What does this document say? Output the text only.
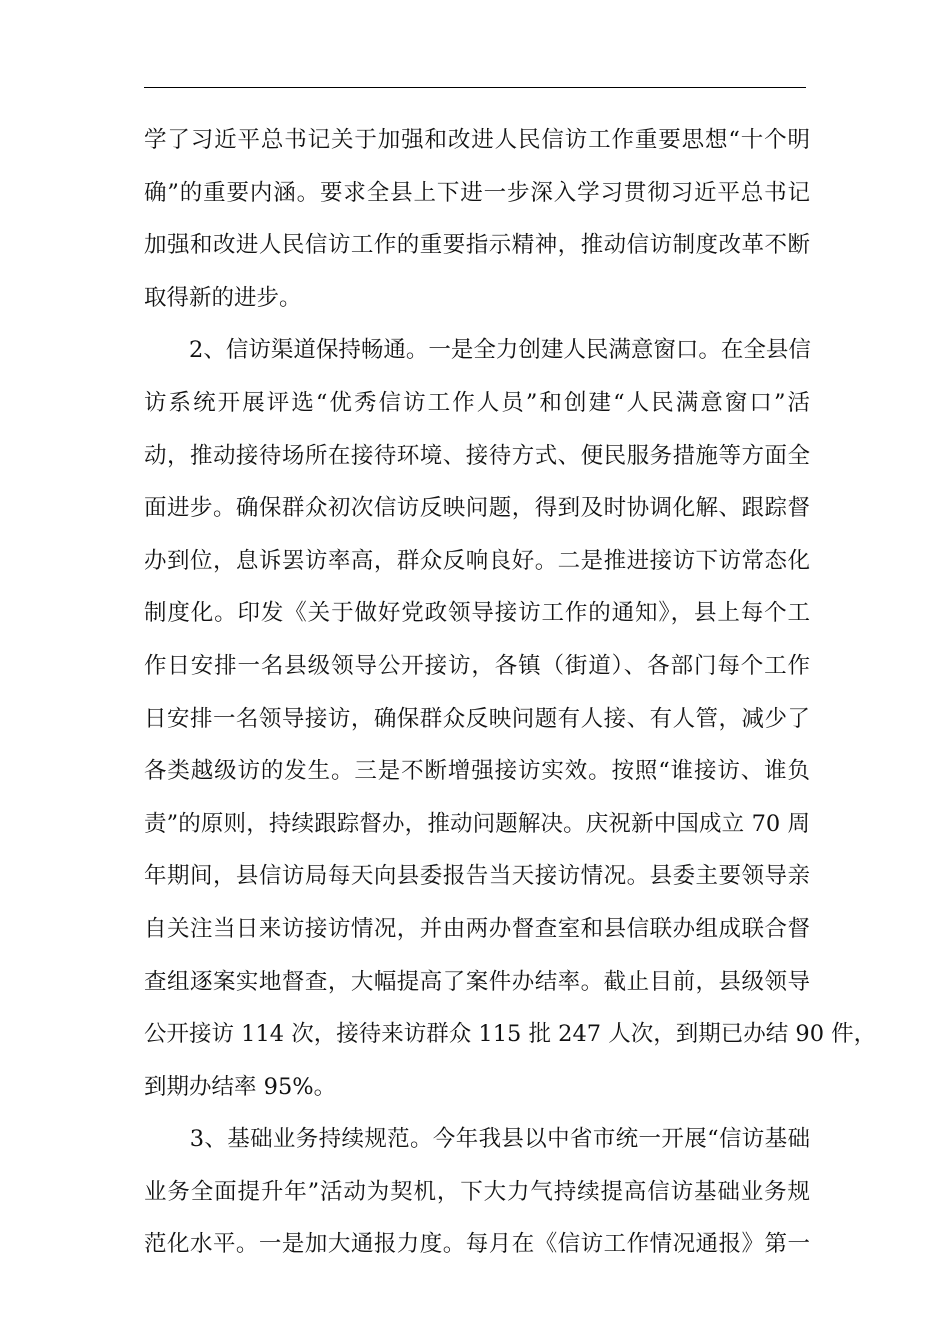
学了习近平总书记关于加强和改进人民信访工作重要思想“十个明
确”的重要内涵。要求全县上下进一步深入学习贯彻习近平总书记
加强和改进人民信访工作的重要指示精神，推动信访制度改革不断
取得新的进步。
　　2、信访渠道保持畅通。一是全力创建人民满意窗口。在全县信
访系统开展评选“优秀信访工作人员”和创建“人民满意窗口”活
动，推动接待场所在接待环境、接待方式、便民服务措施等方面全
面进步。确保群众初次信访反映问题，得到及时协调化解、跟踪督
办到位，息诉罢访率高，群众反响良好。二是推进接访下访常态化
制度化。印发《关于做好党政领导接访工作的通知》，县上每个工
作日安排一名县级领导公开接访，各镇（街道）、各部门每个工作
日安排一名领导接访，确保群众反映问题有人接、有人管，减少了
各类越级访的发生。三是不断增强接访实效。按照“谁接访、谁负
责”的原则，持续跟踪督办，推动问题解决。庆祝新中国成立 70 周
年期间，县信访局每天向县委报告当天接访情况。县委主要领导亲
自关注当日来访接访情况，并由两办督查室和县信联办组成联合督
查组逐案实地督查，大幅提高了案件办结率。截止目前，县级领导
公开接访 114 次，接待来访群众 115 批 247 人次，到期已办结 90 件，
到期办结率 95%。
　　3、基础业务持续规范。今年我县以中省市统一开展“信访基础
业务全面提升年”活动为契机，下大力气持续提高信访基础业务规
范化水平。一是加大通报力度。每月在《信访工作情况通报》第一
